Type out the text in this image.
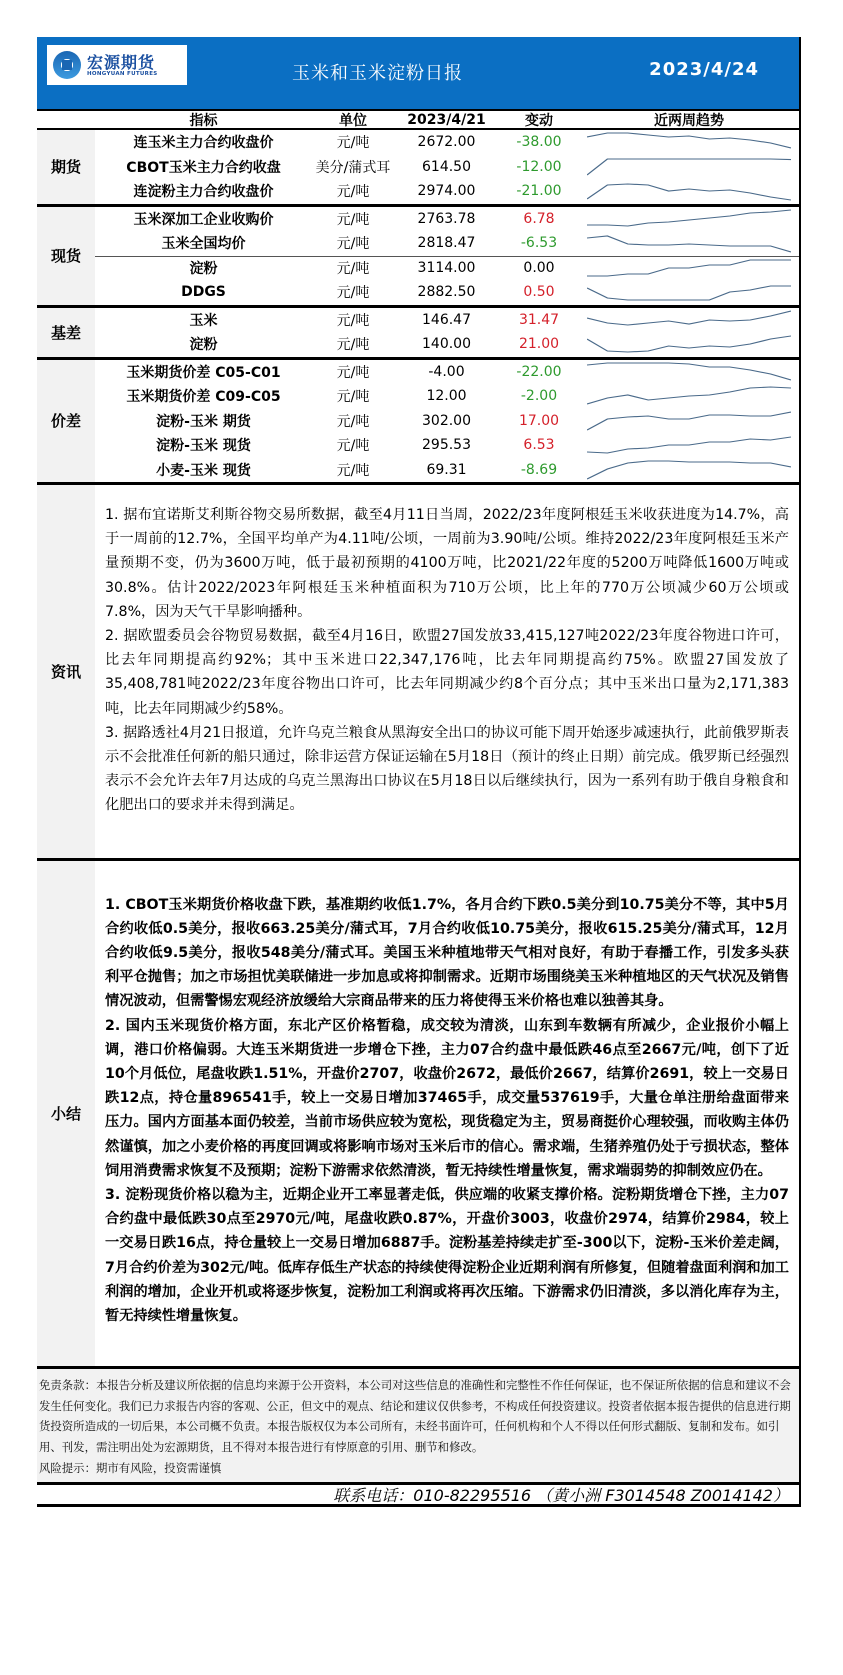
宏源期货
HONGYUAN FUTURES	玉米和玉米淀粉日报	2023/4/24
指标	单位	2023/4/21	变动	近两周趋势
期货
连玉米主力合约收盘价	元/吨	2672.00	-38.00
CBOT玉米主力合约收盘	美分/蒲式耳	614.50	-12.00
连淀粉主力合约收盘价	元/吨	2974.00	-21.00
现货
玉米深加工企业收购价	元/吨	2763.78	6.78
玉米全国均价	元/吨	2818.47	-6.53
淀粉	元/吨	3114.00	0.00
DDGS	元/吨	2882.50	0.50
基差
玉米	元/吨	146.47	31.47
淀粉	元/吨	140.00	21.00
价差
玉米期货价差 C05-C01	元/吨	-4.00	-22.00
玉米期货价差 C09-C05	元/吨	12.00	-2.00
淀粉-玉米 期货	元/吨	302.00	17.00
淀粉-玉米 现货	元/吨	295.53	6.53
小麦-玉米 现货	元/吨	69.31	-8.69
资讯
1. 据布宜诺斯艾利斯谷物交易所数据，截至4月11日当周，2022/23年度阿根廷玉米收获进度为14.7%，高于一周前的12.7%，全国平均单产为4.11吨/公顷，一周前为3.90吨/公顷。维持2022/23年度阿根廷玉米产量预期不变，仍为3600万吨，低于最初预期的4100万吨，比2021/22年度的5200万吨降低1600万吨或30.8%。估计2022/2023年阿根廷玉米种植面积为710万公顷，比上年的770万公顷减少60万公顷或7.8%，因为天气干旱影响播种。
2. 据欧盟委员会谷物贸易数据，截至4月16日，欧盟27国发放33,415,127吨2022/23年度谷物进口许可，比去年同期提高约92%；其中玉米进口22,347,176吨，比去年同期提高约75%。欧盟27国发放了35,408,781吨2022/23年度谷物出口许可，比去年同期减少约8个百分点；其中玉米出口量为2,171,383吨，比去年同期减少约58%。
3. 据路透社4月21日报道，允许乌克兰粮食从黑海安全出口的协议可能下周开始逐步减速执行，此前俄罗斯表示不会批准任何新的船只通过，除非运营方保证运输在5月18日（预计的终止日期）前完成。俄罗斯已经强烈表示不会允许去年7月达成的乌克兰黑海出口协议在5月18日以后继续执行，因为一系列有助于俄自身粮食和化肥出口的要求并未得到满足。
小结
1. CBOT玉米期货价格收盘下跌，基准期约收低1.7%，各月合约下跌0.5美分到10.75美分不等，其中5月合约收低0.5美分，报收663.25美分/蒲式耳，7月合约收低10.75美分，报收615.25美分/蒲式耳，12月合约收低9.5美分，报收548美分/蒲式耳。美国玉米种植地带天气相对良好，有助于春播工作，引发多头获利平仓抛售；加之市场担忧美联储进一步加息或将抑制需求。近期市场围绕美玉米种植地区的天气状况及销售情况波动，但需警惕宏观经济放缓给大宗商品带来的压力将使得玉米价格也难以独善其身。
2. 国内玉米现货价格方面，东北产区价格暂稳，成交较为清淡，山东到车数辆有所减少，企业报价小幅上调，港口价格偏弱。大连玉米期货进一步增仓下挫，主力07合约盘中最低跌46点至2667元/吨，创下了近10个月低位，尾盘收跌1.51%，开盘价2707，收盘价2672，最低价2667，结算价2691，较上一交易日跌12点，持仓量896541手，较上一交易日增加37465手，成交量537619手，大量仓单注册给盘面带来压力。国内方面基本面仍较差，当前市场供应较为宽松，现货稳定为主，贸易商挺价心理较强，而收购主体仍然谨慎，加之小麦价格的再度回调或将影响市场对玉米后市的信心。需求端，生猪养殖仍处于亏损状态，整体饲用消费需求恢复不及预期；淀粉下游需求依然清淡，暂无持续性增量恢复，需求端弱势的抑制效应仍在。
3. 淀粉现货价格以稳为主，近期企业开工率显著走低，供应端的收紧支撑价格。淀粉期货增仓下挫，主力07合约盘中最低跌30点至2970元/吨，尾盘收跌0.87%，开盘价3003，收盘价2974，结算价2984，较上一交易日跌16点，持仓量较上一交易日增加6887手。淀粉基差持续走扩至-300以下，淀粉-玉米价差走阔，7月合约价差为302元/吨。低库存低生产状态的持续使得淀粉企业近期利润有所修复，但随着盘面利润和加工利润的增加，企业开机或将逐步恢复，淀粉加工利润或将再次压缩。下游需求仍旧清淡，多以消化库存为主，暂无持续性增量恢复。
免责条款：本报告分析及建议所依据的信息均来源于公开资料，本公司对这些信息的准确性和完整性不作任何保证，也不保证所依据的信息和建议不会发生任何变化。我们已力求报告内容的客观、公正，但文中的观点、结论和建议仅供参考，不构成任何投资建议。投资者依据本报告提供的信息进行期货投资所造成的一切后果，本公司概不负责。本报告版权仅为本公司所有，未经书面许可，任何机构和个人不得以任何形式翻版、复制和发布。如引用、刊发，需注明出处为宏源期货，且不得对本报告进行有悖原意的引用、删节和修改。
风险提示：期市有风险，投资需谨慎
联系电话：010-82295516 （黄小洲 F3014548 Z0014142）
